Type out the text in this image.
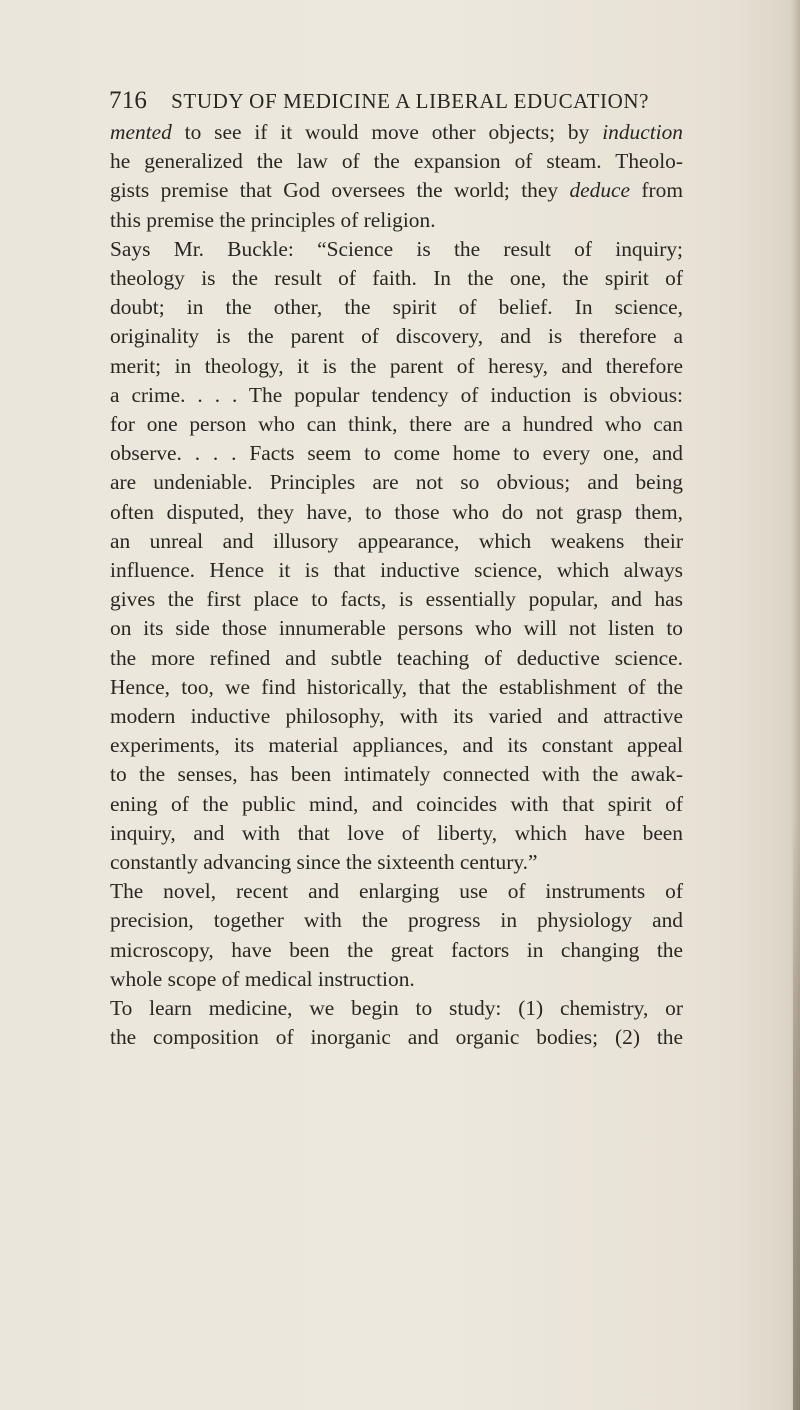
716 STUDY OF MEDICINE A LIBERAL EDUCATION?
mented to see if it would move other objects; by induction
he generalized the law of the expansion of steam. Theolo-
gists premise that God oversees the world; they deduce from
this premise the principles of religion.
Says Mr. Buckle: “Science is the result of inquiry;
theology is the result of faith. In the one, the spirit of
doubt; in the other, the spirit of belief. In science,
originality is the parent of discovery, and is therefore a
merit; in theology, it is the parent of heresy, and therefore
a crime. . . . The popular tendency of induction is obvious:
for one person who can think, there are a hundred who can
observe. . . . Facts seem to come home to every one, and
are undeniable. Principles are not so obvious; and being
often disputed, they have, to those who do not grasp them,
an unreal and illusory appearance, which weakens their
influence. Hence it is that inductive science, which always
gives the first place to facts, is essentially popular, and has
on its side those innumerable persons who will not listen to
the more refined and subtle teaching of deductive science.
Hence, too, we find historically, that the establishment of the
modern inductive philosophy, with its varied and attractive
experiments, its material appliances, and its constant appeal
to the senses, has been intimately connected with the awak-
ening of the public mind, and coincides with that spirit of
inquiry, and with that love of liberty, which have been
constantly advancing since the sixteenth century.”
The novel, recent and enlarging use of instruments of
precision, together with the progress in physiology and
microscopy, have been the great factors in changing the
whole scope of medical instruction.
To learn medicine, we begin to study: (1) chemistry, or
the composition of inorganic and organic bodies; (2) the
